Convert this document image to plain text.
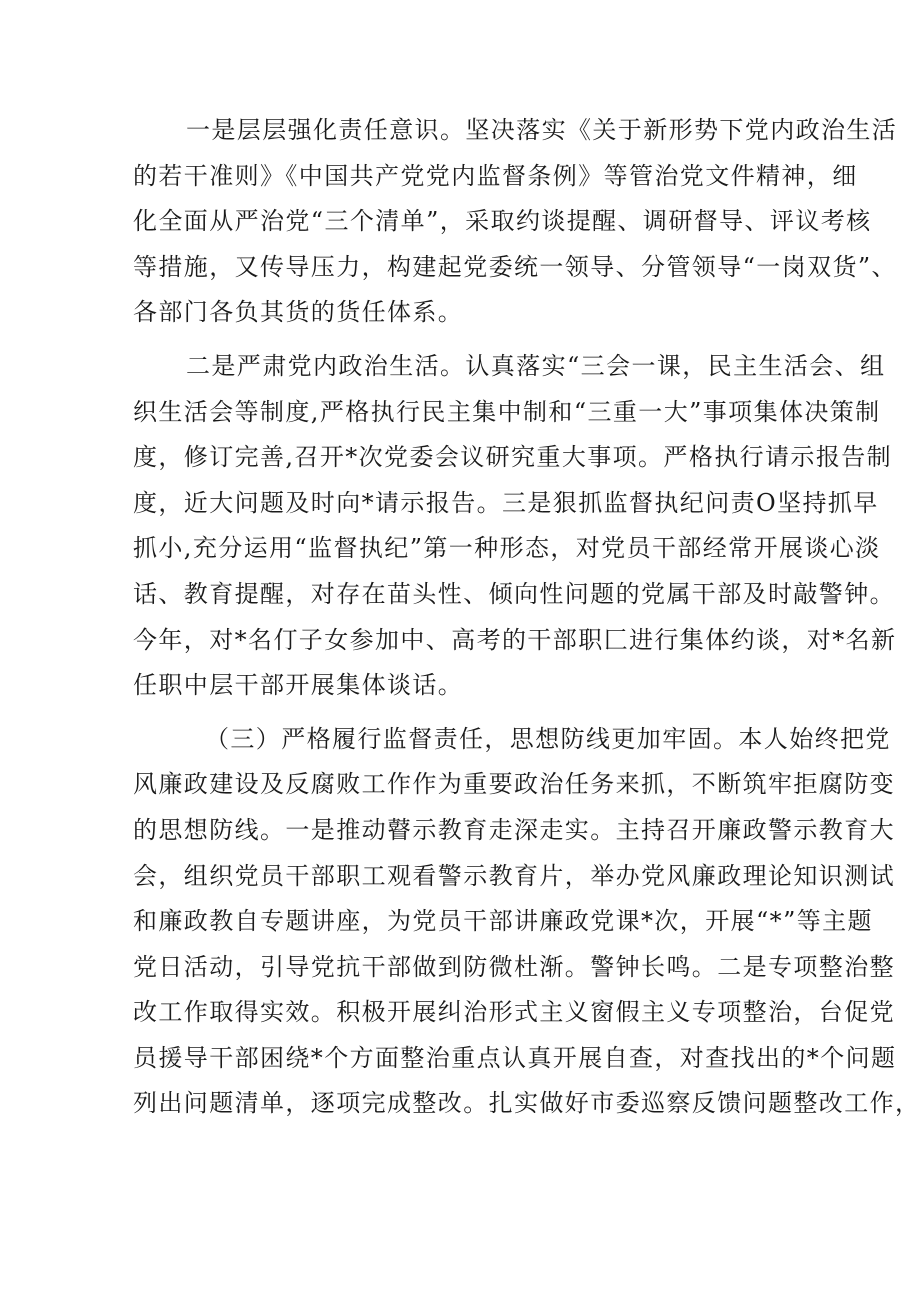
一是层层强化责任意识。坚决落实《关于新形势下党内政治生活
的若干准则》《中国共产党党内监督条例》等管治党文件精神，细
化全面从严治党“三个清单”，采取约谈提醒、调研督导、评议考核
等措施，又传导压力，构建起党委统一领导、分管领导“一岗双货”、
各部门各负其货的货任体系。
二是严肃党内政治生活。认真落实“三会一课，民主生活会、组
织生活会等制度,严格执行民主集中制和“三重一大”事项集体决策制
度，修订完善,召开*次党委会议研究重大事项。严格执行请示报告制
度，近大问题及时向*请示报告。三是狠抓监督执纪问责O坚持抓早
抓小,充分运用“监督执纪”第一种形态，对党员干部经常开展谈心淡
话、教育提醒，对存在苗头性、倾向性问题的党属干部及时敲警钟。
今年，对*名仃子女参加中、高考的干部职匚进行集体约谈，对*名新
任职中层干部开展集体谈话。
（三）严格履行监督责任，思想防线更加牢固。本人始终把党
风廉政建设及反腐败工作作为重要政治任务来抓，不断筑牢拒腐防变
的思想防线。一是推动瞽示教育走深走实。主持召开廉政警示教育大
会，组织党员干部职工观看警示教育片，举办党风廉政理论知识测试
和廉政教自专题讲座，为党员干部讲廉政党课*次，开展“*”等主题
党日活动，引导党抗干部做到防微杜渐。警钟长鸣。二是专项整治整
改工作取得实效。积极开展纠治形式主义窗假主义专项整治，台促党
员援导干部困绕*个方面整治重点认真开展自查，对查找出的*个问题
列出问题清单，逐项完成整改。扎实做好市委巡察反馈问题整改工作，
